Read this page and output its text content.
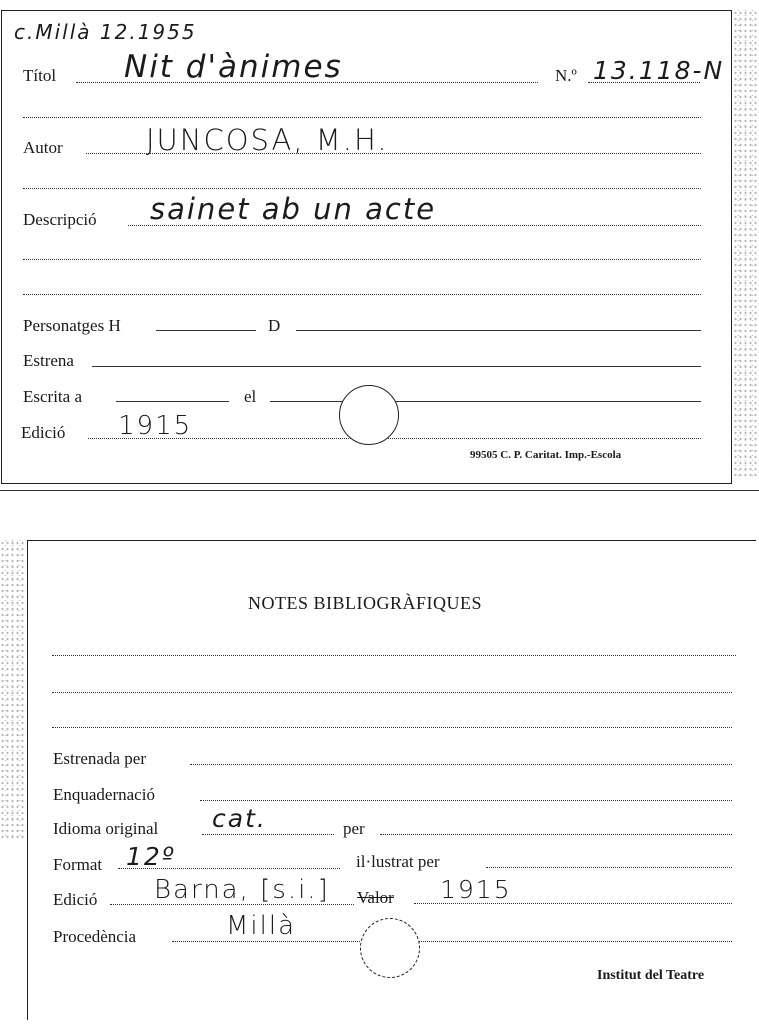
c.Millà 12.1955
Títol Nit d'ànimes	N.º 13.118-N
Autor	JUNCOSA, M.H.
Descripció sainet ab un acte
Personatges H	D
Estrena
Escrita a	el
Edició 1915
99505 C. P. Caritat. Imp.-Escola
NOTES BIBLIOGRÀFIQUES
Estrenada per
Enquadernació
Idioma original cat.	per
Format 12º	il·lustrat per
Edició Barna, [s.i.] Valor 1915
Procedència	Millà
Institut del Teatre
